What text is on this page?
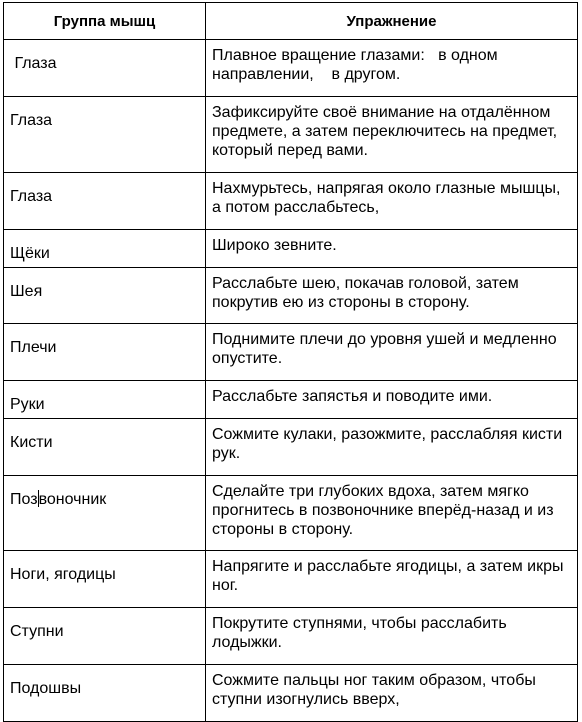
Группа мышц	Упражнение

Глаза	Плавное вращение глазами:   в одном направлении,    в другом.

Глаза	Зафиксируйте своё внимание на отдалённом предмете, а затем переключитесь на предмет, который перед вами.

Глаза	Нахмурьтесь, напрягая около глазные мышцы, а потом расслабьтесь,

Щёки	Широко зевните.

Шея	Расслабьте шею, покачав головой, затем покрутив ею из стороны в сторону.

Плечи	Поднимите плечи до уровня ушей и медленно опустите.

Руки	Расслабьте запястья и поводите ими.

Кисти	Сожмите кулаки, разожмите, расслабляя кисти рук.

Позвоночник	Сделайте три глубоких вдоха, затем мягко прогнитесь в позвоночнике вперёд-назад и из стороны в сторону.

Ноги, ягодицы	Напрягите и расслабьте ягодицы, а затем икры ног.

Ступни	Покрутите ступнями, чтобы расслабить лодыжки.

Подошвы	Сожмите пальцы ног таким образом, чтобы ступни изогнулись вверх,
